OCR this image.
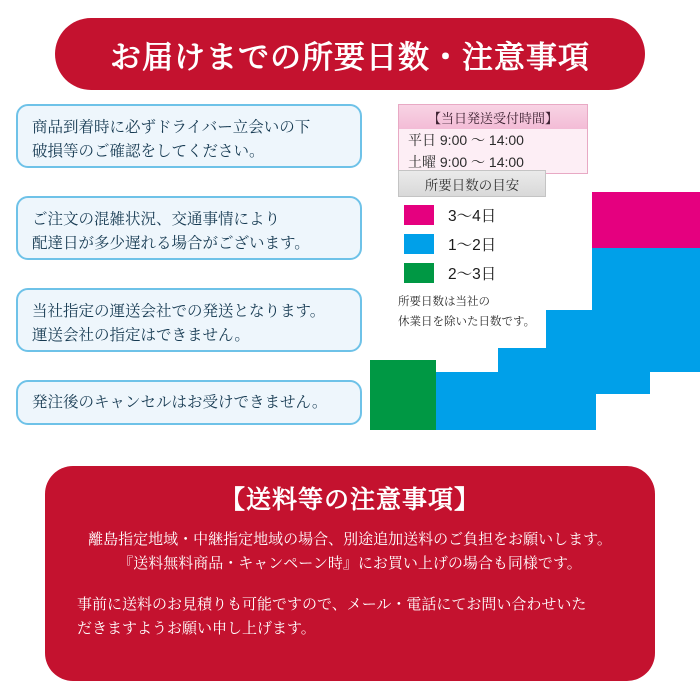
お届けまでの所要日数・注意事項
商品到着時に必ずドライバー立会いの下
破損等のご確認をしてください。
ご注文の混雑状況、交通事情により
配達日が多少遅れる場合がございます。
当社指定の運送会社での発送となります。
運送会社の指定はできません。
発注後のキャンセルはお受けできません。
【当日発送受付時間】
平日 9:00 ～ 14:00
土曜 9:00 ～ 14:00
所要日数の目安
3～4日
1～2日
2～3日
所要日数は当社の
休業日を除いた日数です。
【送料等の注意事項】
離島指定地域・中継指定地域の場合、別途追加送料のご負担をお願いします。
『送料無料商品・キャンペーン時』にお買い上げの場合も同様です。
事前に送料のお見積りも可能ですので、メール・電話にてお問い合わせいた
だきますようお願い申し上げます。
